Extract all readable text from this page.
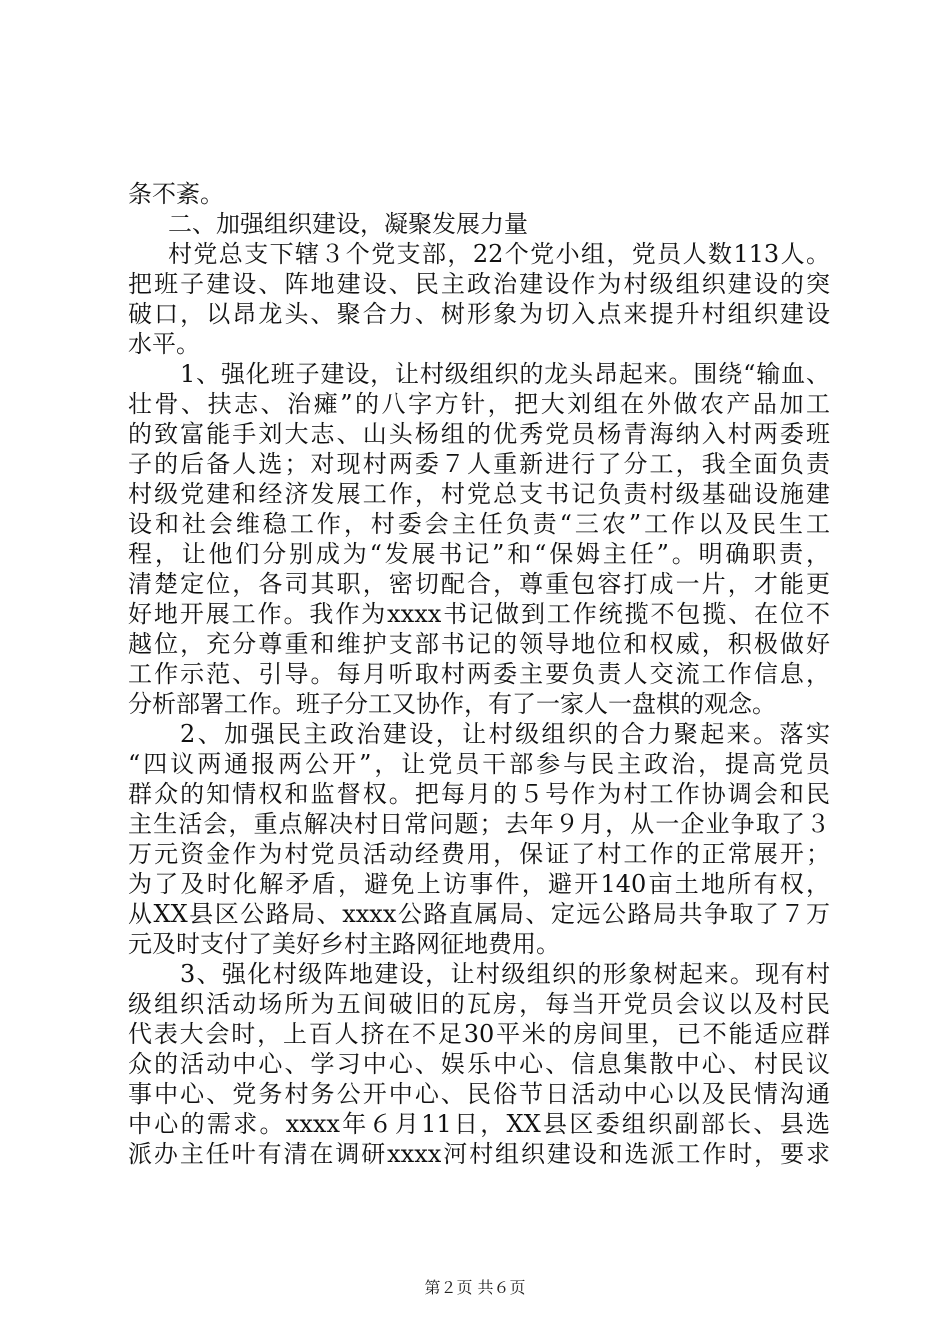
条不紊。
二、加强组织建设，凝聚发展力量
村党总支下辖３个党支部，22个党小组，党员人数113人。
把班子建设、阵地建设、民主政治建设作为村级组织建设的突
破口，以昂龙头、聚合力、树形象为切入点来提升村组织建设
水平。
1、强化班子建设，让村级组织的龙头昂起来。围绕“输血、
壮骨、扶志、治瘫”的八字方针，把大刘组在外做农产品加工
的致富能手刘大志、山头杨组的优秀党员杨青海纳入村两委班
子的后备人选；对现村两委７人重新进行了分工，我全面负责
村级党建和经济发展工作，村党总支书记负责村级基础设施建
设和社会维稳工作，村委会主任负责“三农”工作以及民生工
程，让他们分别成为“发展书记”和“保姆主任”。明确职责，
清楚定位，各司其职，密切配合，尊重包容打成一片，才能更
好地开展工作。我作为xxxx书记做到工作统揽不包揽、在位不
越位，充分尊重和维护支部书记的领导地位和权威，积极做好
工作示范、引导。每月听取村两委主要负责人交流工作信息，
分析部署工作。班子分工又协作，有了一家人一盘棋的观念。
2、加强民主政治建设，让村级组织的合力聚起来。落实
“四议两通报两公开”，让党员干部参与民主政治，提高党员
群众的知情权和监督权。把每月的５号作为村工作协调会和民
主生活会，重点解决村日常问题；去年９月，从一企业争取了３
万元资金作为村党员活动经费用，保证了村工作的正常展开；
为了及时化解矛盾，避免上访事件，避开140亩土地所有权，
从XX县区公路局、xxxx公路直属局、定远公路局共争取了７万
元及时支付了美好乡村主路网征地费用。
3、强化村级阵地建设，让村级组织的形象树起来。现有村
级组织活动场所为五间破旧的瓦房，每当开党员会议以及村民
代表大会时，上百人挤在不足30平米的房间里，已不能适应群
众的活动中心、学习中心、娱乐中心、信息集散中心、村民议
事中心、党务村务公开中心、民俗节日活动中心以及民情沟通
中心的需求。xxxx年６月11日，XX县区委组织副部长、县选
派办主任叶有清在调研xxxx河村组织建设和选派工作时，要求
第２页 共６页
